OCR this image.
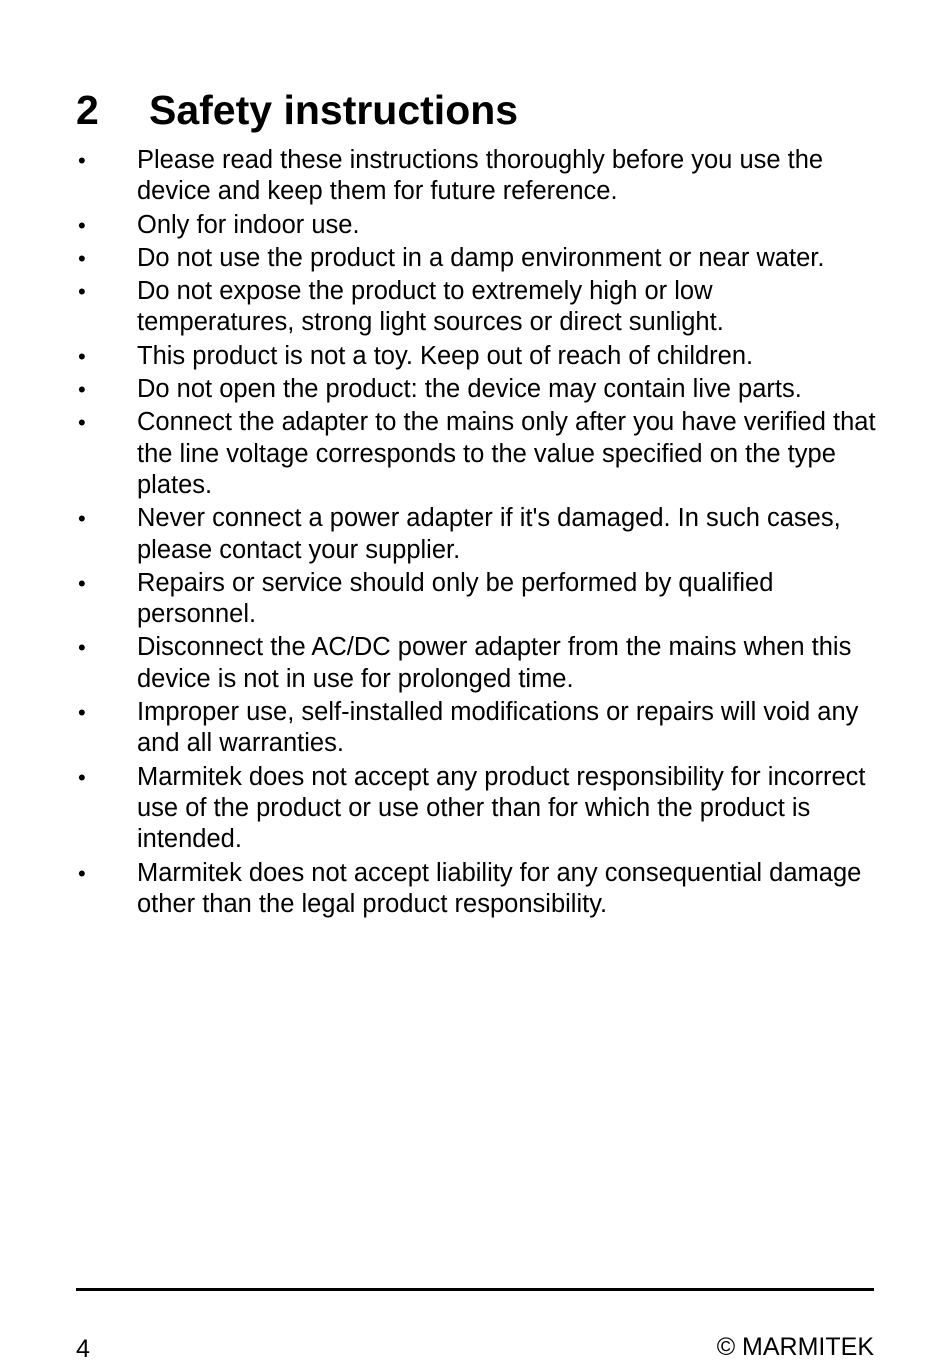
2 Safety instructions
• Please read these instructions thoroughly before you use the device and keep them for future reference.
• Only for indoor use.
• Do not use the product in a damp environment or near water.
• Do not expose the product to extremely high or low temperatures, strong light sources or direct sunlight.
• This product is not a toy. Keep out of reach of children.
• Do not open the product: the device may contain live parts.
• Connect the adapter to the mains only after you have verified that the line voltage corresponds to the value specified on the type plates.
• Never connect a power adapter if it's damaged. In such cases, please contact your supplier.
• Repairs or service should only be performed by qualified personnel.
• Disconnect the AC/DC power adapter from the mains when this device is not in use for prolonged time.
• Improper use, self-installed modifications or repairs will void any and all warranties.
• Marmitek does not accept any product responsibility for incorrect use of the product or use other than for which the product is intended.
• Marmitek does not accept liability for any consequential damage other than the legal product responsibility.
4	© MARMITEK
